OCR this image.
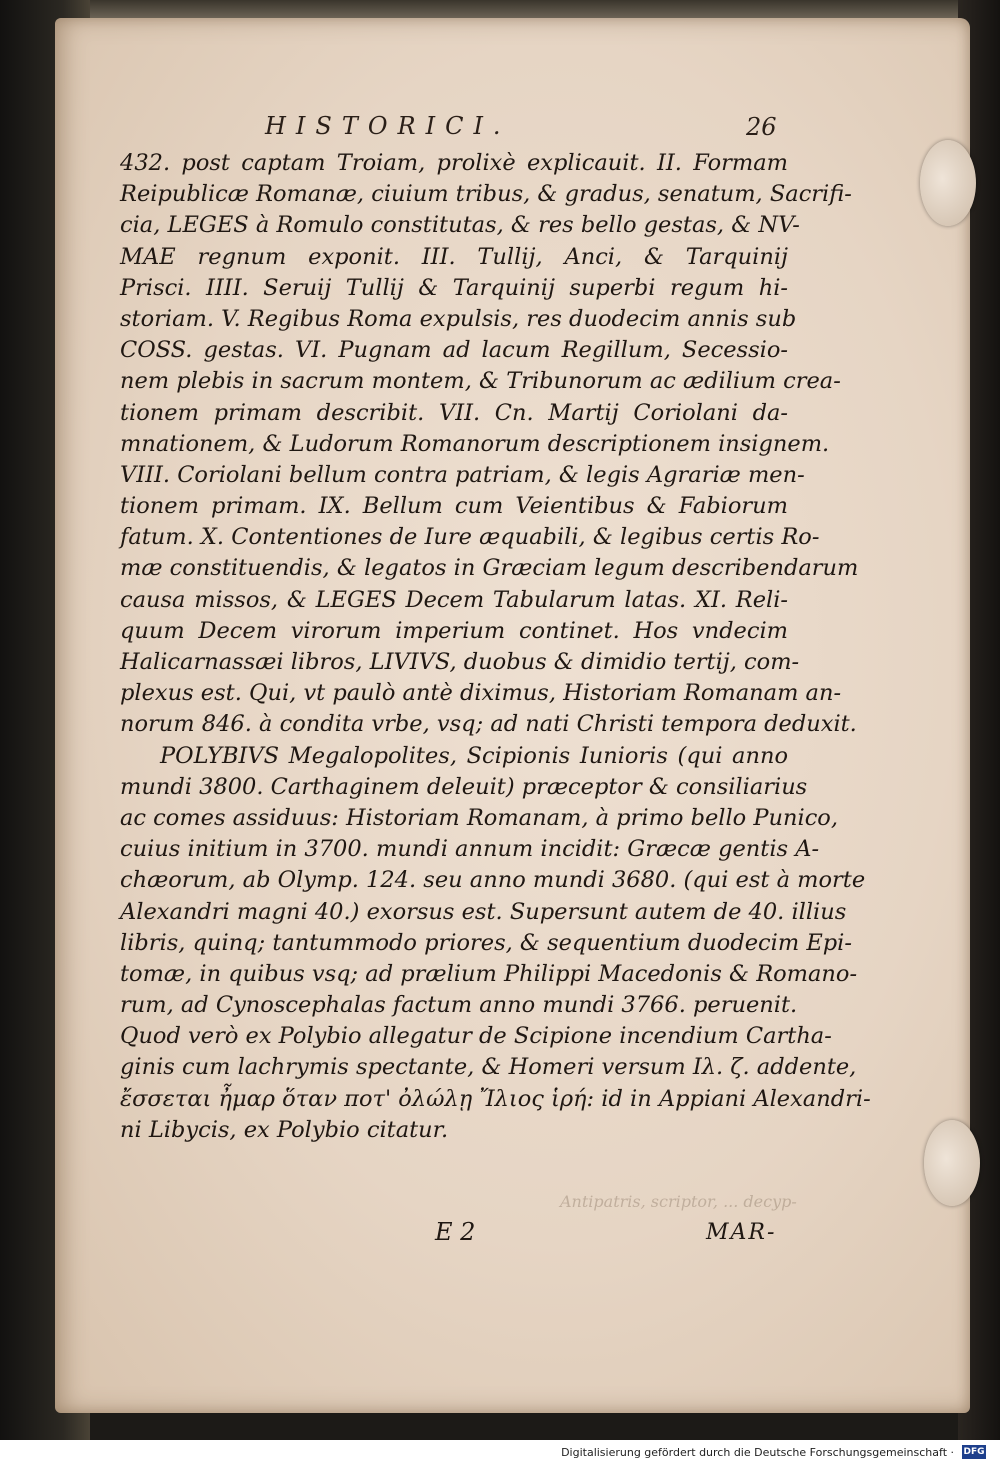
HISTORICI.	26
432. post captam Troiam, prolixè explicauit. II. Formam
Reipublicæ Romanæ, ciuium tribus, & gradus, senatum, Sacrifi-
cia, LEGES à Romulo constitutas, & res bello gestas, & NV-
MAE regnum exponit. III. Tullij, Anci, & Tarquinij
Prisci. IIII. Seruij Tullij & Tarquinij superbi regum hi-
storiam. V. Regibus Roma expulsis, res duodecim annis sub
COSS. gestas. VI. Pugnam ad lacum Regillum, Secessio-
nem plebis in sacrum montem, & Tribunorum ac ædilium crea-
tionem primam describit. VII. Cn. Martij Coriolani da-
mnationem, & Ludorum Romanorum descriptionem insignem.
VIII. Coriolani bellum contra patriam, & legis Agrariæ men-
tionem primam. IX. Bellum cum Veientibus & Fabiorum
fatum. X. Contentiones de Iure æquabili, & legibus certis Ro-
mæ constituendis, & legatos in Græciam legum describendarum
causa missos, & LEGES Decem Tabularum latas. XI. Reli-
quum Decem virorum imperium continet. Hos vndecim
Halicarnassæi libros, LIVIVS, duobus & dimidio tertij, com-
plexus est. Qui, vt paulò antè diximus, Historiam Romanam an-
norum 846. à condita vrbe, vsq; ad nati Christi tempora deduxit.
POLYBIVS Megalopolites, Scipionis Iunioris (qui anno
mundi 3800. Carthaginem deleuit) præceptor & consiliarius
ac comes assiduus: Historiam Romanam, à primo bello Punico,
cuius initium in 3700. mundi annum incidit: Græcæ gentis A-
chæorum, ab Olymp. 124. seu anno mundi 3680. (qui est à morte
Alexandri magni 40.) exorsus est. Supersunt autem de 40. illius
libris, quinq; tantummodo priores, & sequentium duodecim Epi-
tomæ, in quibus vsq; ad prælium Philippi Macedonis & Romano-
rum, ad Cynoscephalas factum anno mundi 3766. peruenit.
Quod verò ex Polybio allegatur de Scipione incendium Cartha-
ginis cum lachrymis spectante, & Homeri versum Ιλ. ζ. addente,
ἔσσεται ἦμαρ ὅταν ποτ' ὀλώλῃ Ἴλιος ἱρή: id in Appiani Alexandri-
ni Libycis, ex Polybio citatur.
Antipatris, scriptor, ... decyp-
E 2	MAR-
Digitalisierung gefördert durch die Deutsche Forschungsgemeinschaft · DFG
